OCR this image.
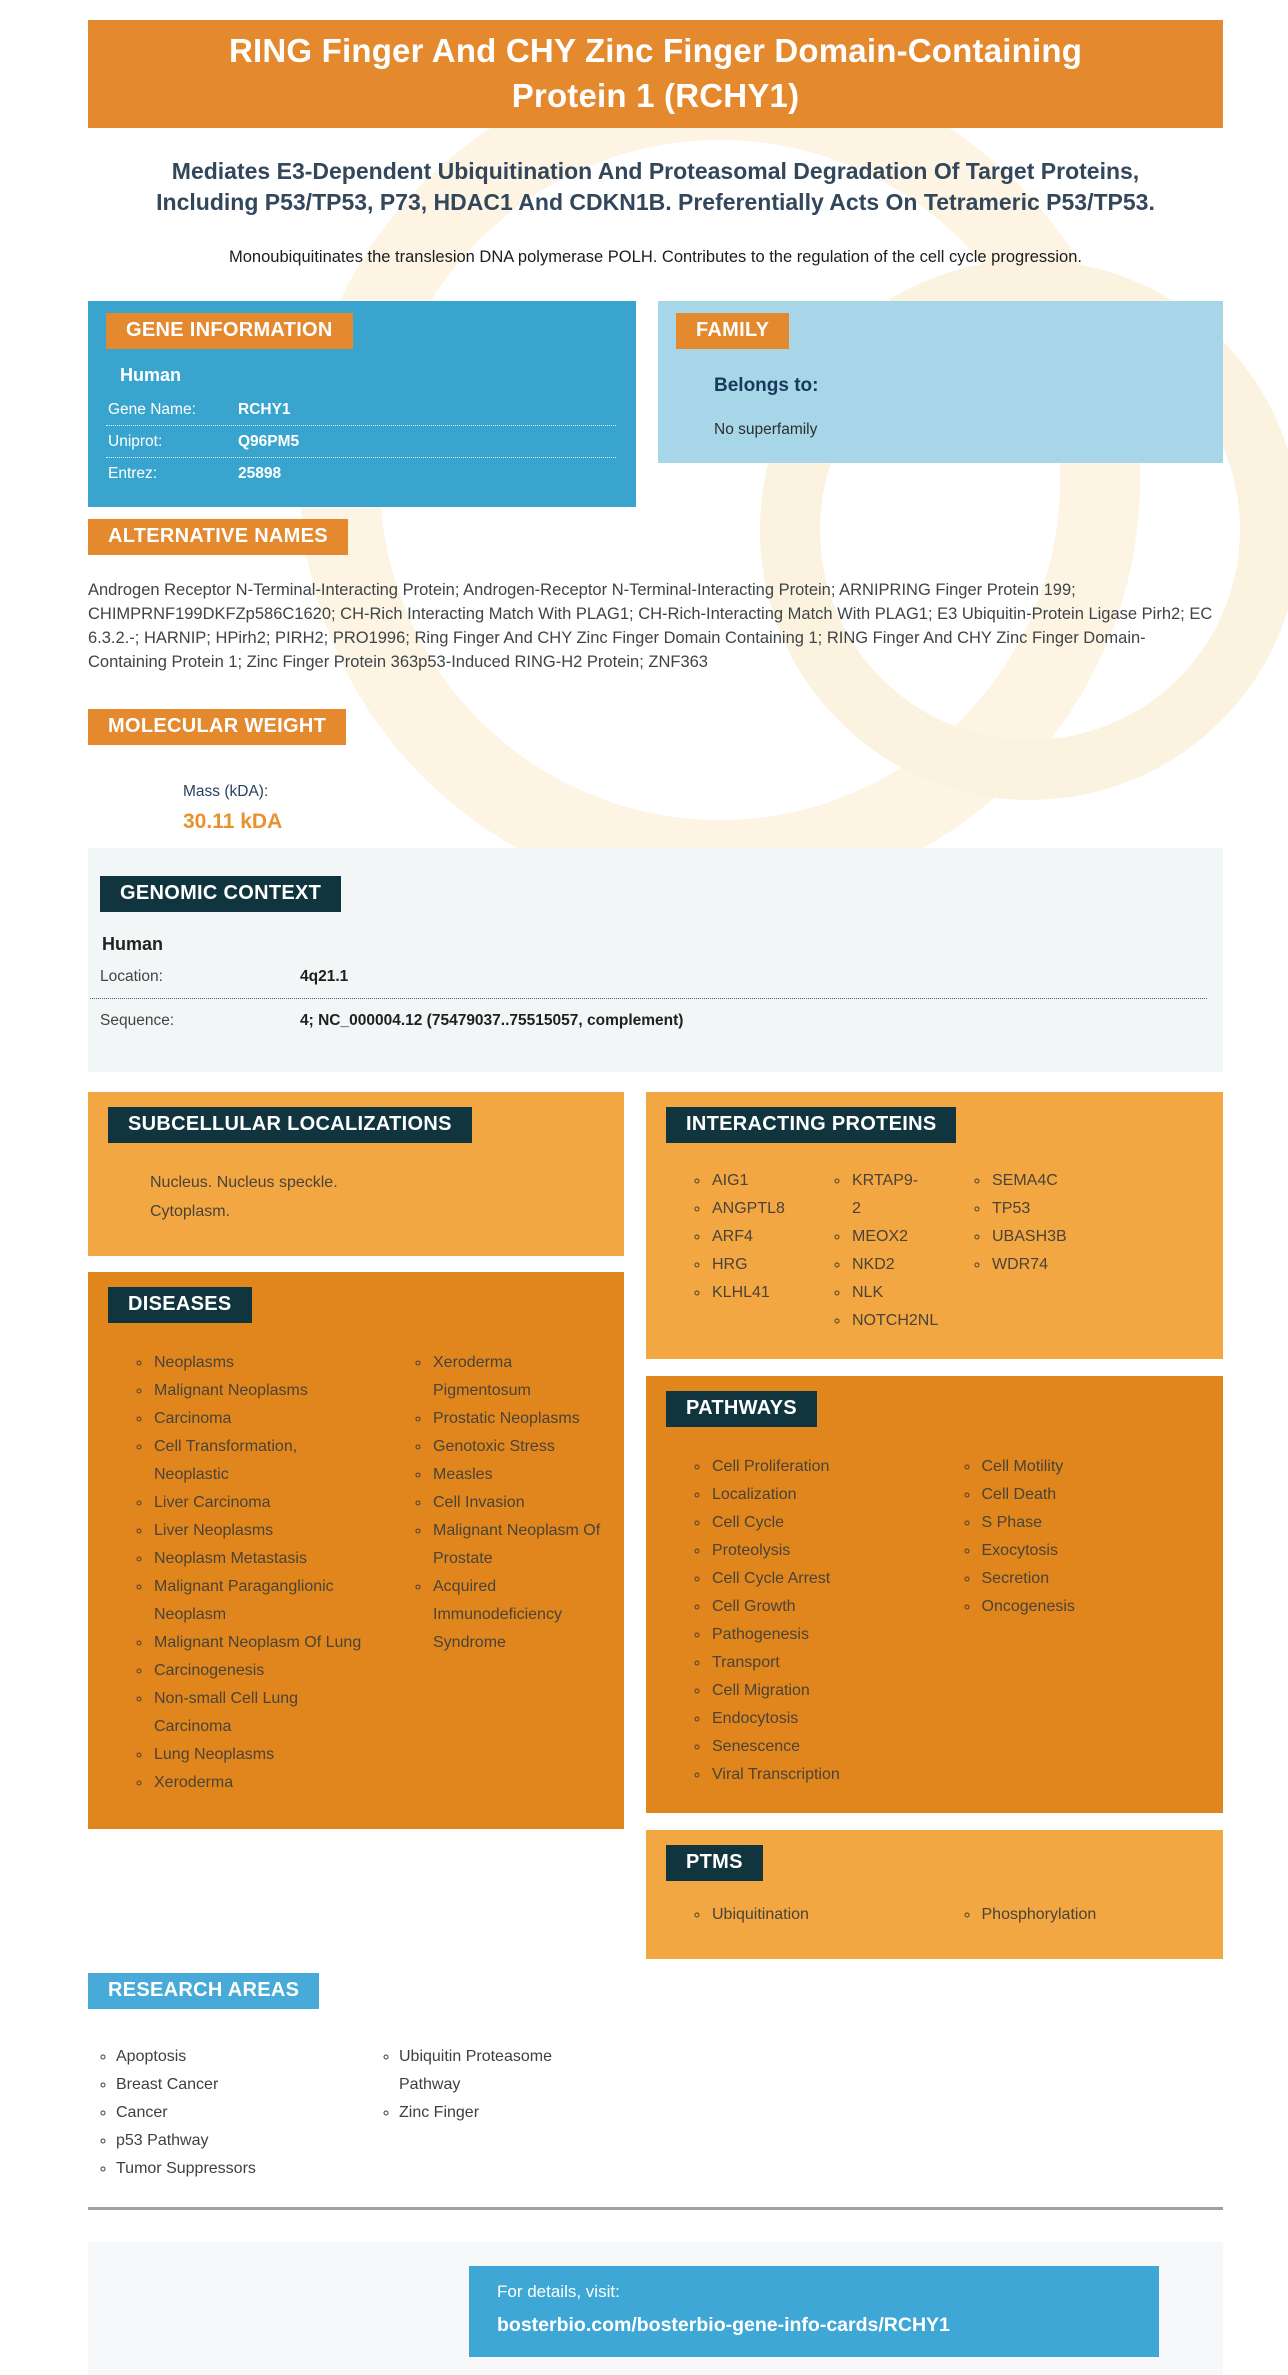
RING Finger And CHY Zinc Finger Domain-Containing Protein 1 (RCHY1)

Mediates E3-Dependent Ubiquitination And Proteasomal Degradation Of Target Proteins, Including P53/TP53, P73, HDAC1 And CDKN1B. Preferentially Acts On Tetrameric P53/TP53.

Monoubiquitinates the translesion DNA polymerase POLH. Contributes to the regulation of the cell cycle progression.

GENE INFORMATION
Human
Gene Name:	RCHY1
Uniprot:	Q96PM5
Entrez:	25898
FAMILY

Belongs to:

No superfamily

ALTERNATIVE NAMES

Androgen Receptor N-Terminal-Interacting Protein; Androgen-Receptor N-Terminal-Interacting Protein; ARNIPRING Finger Protein 199; CHIMPRNF199DKFZp586C1620; CH-Rich Interacting Match With PLAG1; CH-Rich-Interacting Match With PLAG1; E3 Ubiquitin-Protein Ligase Pirh2; EC 6.3.2.-; HARNIP; HPirh2; PIRH2; PRO1996; Ring Finger And CHY Zinc Finger Domain Containing 1; RING Finger And CHY Zinc Finger Domain-Containing Protein 1; Zinc Finger Protein 363p53-Induced RING-H2 Protein; ZNF363

MOLECULAR WEIGHT

Mass (kDA):

30.11 kDA

GENOMIC CONTEXT
Human
Location:	4q21.1
Sequence:	4; NC_000004.12 (75479037..75515057, complement)
SUBCELLULAR LOCALIZATIONS

Nucleus. Nucleus speckle. Cytoplasm.

DISEASES
◦ Neoplasms
◦ Malignant Neoplasms
◦ Carcinoma
◦ Cell Transformation, Neoplastic
◦ Liver Carcinoma
◦ Liver Neoplasms
◦ Neoplasm Metastasis
◦ Malignant Paraganglionic Neoplasm
◦ Malignant Neoplasm Of Lung
◦ Carcinogenesis
◦ Non-small Cell Lung Carcinoma
◦ Lung Neoplasms
◦ Xeroderma
◦ Xeroderma Pigmentosum
◦ Prostatic Neoplasms
◦ Genotoxic Stress
◦ Measles
◦ Cell Invasion
◦ Malignant Neoplasm Of Prostate
◦ Acquired Immunodeficiency Syndrome
INTERACTING PROTEINS
◦ AIG1
◦ ANGPTL8
◦ ARF4
◦ HRG
◦ KLHL41
◦ KRTAP9-2
◦ MEOX2
◦ NKD2
◦ NLK
◦ NOTCH2NL
◦ SEMA4C
◦ TP53
◦ UBASH3B
◦ WDR74
PATHWAYS
◦ Cell Proliferation
◦ Localization
◦ Cell Cycle
◦ Proteolysis
◦ Cell Cycle Arrest
◦ Cell Growth
◦ Pathogenesis
◦ Transport
◦ Cell Migration
◦ Endocytosis
◦ Senescence
◦ Viral Transcription
◦ Cell Motility
◦ Cell Death
◦ S Phase
◦ Exocytosis
◦ Secretion
◦ Oncogenesis
PTMS
◦ Ubiquitination	◦ Phosphorylation
RESEARCH AREAS
◦ Apoptosis
◦ Breast Cancer
◦ Cancer
◦ p53 Pathway
◦ Tumor Suppressors
◦ Ubiquitin Proteasome Pathway
◦ Zinc Finger

For details, visit:

bosterbio.com/bosterbio-gene-info-cards/RCHY1
